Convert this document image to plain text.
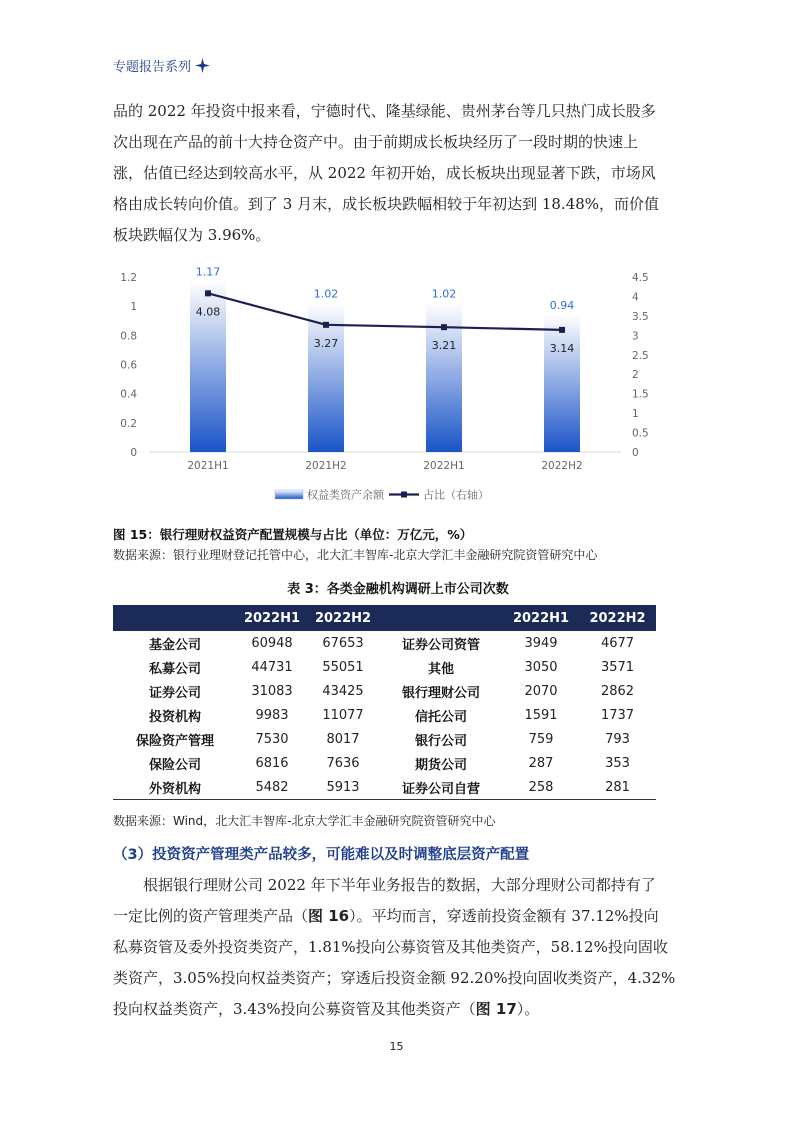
专题报告系列

品的 2022 年投资中报来看，宁德时代、隆基绿能、贵州茅台等几只热门成长股多
次出现在产品的前十大持仓资产中。由于前期成长板块经历了一段时期的快速上
涨，估值已经达到较高水平，从 2022 年初开始，成长板块出现显著下跌，市场风
格由成长转向价值。到了 3 月末，成长板块跌幅相较于年初达到 18.48%，而价值
板块跌幅仅为 3.96%。

0
0.2
0.4
0.6
0.8
1
1.2
0
0.5
1
1.5
2
2.5
3
3.5
4
4.5
1.17
1.02	1.02
0.94
4.08
3.27	3.21	3.14
2021H1	2021H2	2022H1	2022H2
权益类资产余额	占比（右轴）
图 15：银行理财权益资产配置规模与占比（单位：万亿元，%）
数据来源：银行业理财登记托管中心，北大汇丰智库-北京大学汇丰金融研究院资管研究中心
表 3：各类金融机构调研上市公司次数
	2022H1	2022H2		2022H1	2022H2
基金公司	60948	67653	证券公司资管	3949	4677
私募公司	44731	55051	其他	3050	3571
证券公司	31083	43425	银行理财公司	2070	2862
投资机构	9983	11077	信托公司	1591	1737
保险资产管理	7530	8017	银行公司	759	793
保险公司	6816	7636	期货公司	287	353
外资机构	5482	5913	证券公司自营	258	281
数据来源：Wind，北大汇丰智库-北京大学汇丰金融研究院资管研究中心
（3）投资资产管理类产品较多，可能难以及时调整底层资产配置

根据银行理财公司 2022 年下半年业务报告的数据，大部分理财公司都持有了
一定比例的资产管理类产品（图 16）。平均而言，穿透前投资金额有 37.12%投向
私募资管及委外投资类资产，1.81%投向公募资管及其他类资产，58.12%投向固收
类资产，3.05%投向权益类资产；穿透后投资金额 92.20%投向固收类资产，4.32%
投向权益类资产，3.43%投向公募资管及其他类资产（图 17）。

15
